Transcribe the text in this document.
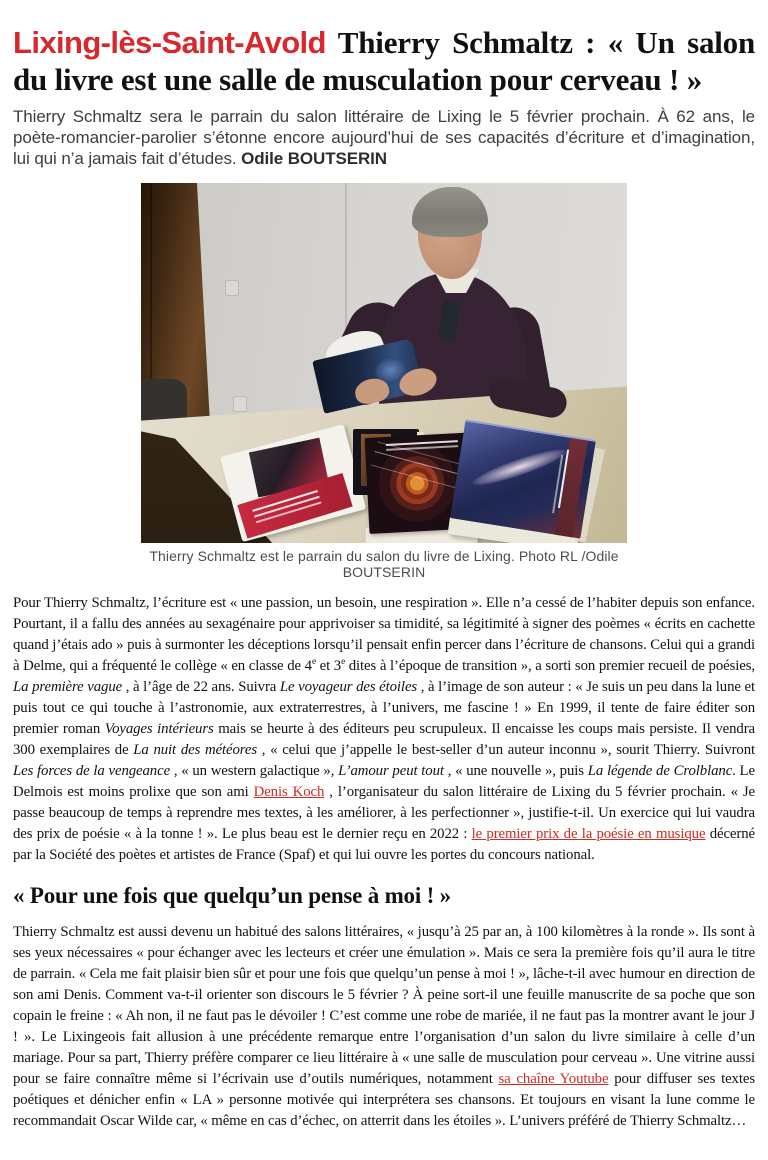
Lixing-lès-Saint-Avold Thierry Schmaltz : « Un salon du livre est une salle de musculation pour cerveau ! »

Thierry Schmaltz sera le parrain du salon littéraire de Lixing le 5 février prochain. À 62 ans, le poète-romancier-parolier s’étonne encore aujourd’hui de ses capacités d’écriture et d’imagination, lui qui n’a jamais fait d’études. Odile BOUTSERIN

Thierry Schmaltz est le parrain du salon du livre de Lixing. Photo RL /Odile BOUTSERIN

Pour Thierry Schmaltz, l’écriture est « une passion, un besoin, une respiration ». Elle n’a cessé de l’habiter depuis son enfance. Pourtant, il a fallu des années au sexagénaire pour apprivoiser sa timidité, sa légitimité à signer des poèmes « écrits en cachette quand j’étais ado » puis à surmonter les déceptions lorsqu’il pensait enfin percer dans l’écriture de chansons. Celui qui a grandi à Delme, qui a fréquenté le collège « en classe de 4e et 3e dites à l’époque de transition », a sorti son premier recueil de poésies, La première vague , à l’âge de 22 ans. Suivra Le voyageur des étoiles , à l’image de son auteur : « Je suis un peu dans la lune et puis tout ce qui touche à l’astronomie, aux extraterrestres, à l’univers, me fascine ! » En 1999, il tente de faire éditer son premier roman Voyages intérieurs mais se heurte à des éditeurs peu scrupuleux. Il encaisse les coups mais persiste. Il vendra 300 exemplaires de La nuit des météores , « celui que j’appelle le best-seller d’un auteur inconnu », sourit Thierry. Suivront Les forces de la vengeance , « un western galactique », L’amour peut tout , « une nouvelle », puis La légende de Crolblanc. Le Delmois est moins prolixe que son ami Denis Koch , l’organisateur du salon littéraire de Lixing du 5 février prochain. « Je passe beaucoup de temps à reprendre mes textes, à les améliorer, à les perfectionner », justifie-t-il. Un exercice qui lui vaudra des prix de poésie « à la tonne ! ». Le plus beau est le dernier reçu en 2022 : le premier prix de la poésie en musique décerné par la Société des poètes et artistes de France (Spaf) et qui lui ouvre les portes du concours national.

« Pour une fois que quelqu’un pense à moi ! »

Thierry Schmaltz est aussi devenu un habitué des salons littéraires, « jusqu’à 25 par an, à 100 kilomètres à la ronde ». Ils sont à ses yeux nécessaires « pour échanger avec les lecteurs et créer une émulation ». Mais ce sera la première fois qu’il aura le titre de parrain. « Cela me fait plaisir bien sûr et pour une fois que quelqu’un pense à moi ! », lâche-t-il avec humour en direction de son ami Denis. Comment va-t-il orienter son discours le 5 février ? À peine sort-il une feuille manuscrite de sa poche que son copain le freine : « Ah non, il ne faut pas le dévoiler ! C’est comme une robe de mariée, il ne faut pas la montrer avant le jour J ! ». Le Lixingeois fait allusion à une précédente remarque entre l’organisation d’un salon du livre similaire à celle d’un mariage. Pour sa part, Thierry préfère comparer ce lieu littéraire à « une salle de musculation pour cerveau ». Une vitrine aussi pour se faire connaître même si l’écrivain use d’outils numériques, notamment sa chaîne Youtube pour diffuser ses textes poétiques et dénicher enfin « LA » personne motivée qui interprétera ses chansons. Et toujours en visant la lune comme le recommandait Oscar Wilde car, « même en cas d’échec, on atterrit dans les étoiles ». L’univers préféré de Thierry Schmaltz…
